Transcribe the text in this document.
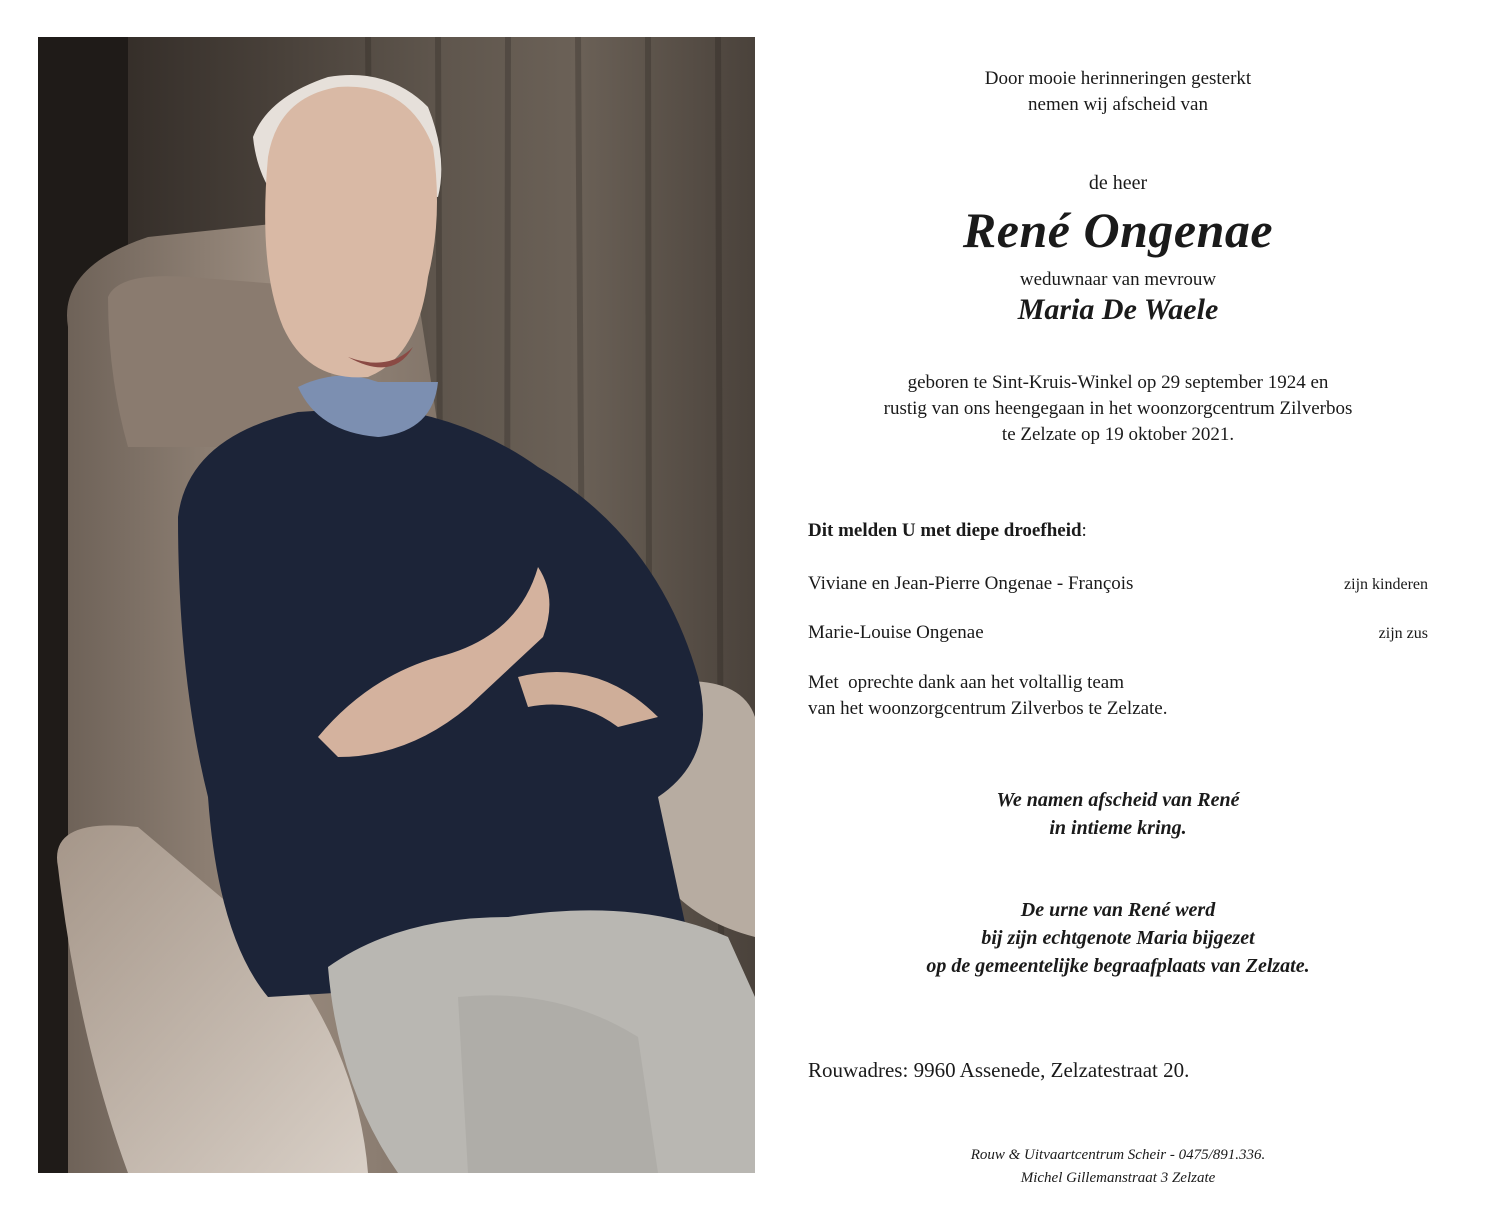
Door mooie herinneringen gesterkt
nemen wij afscheid van
de heer
René Ongenae
weduwnaar van mevrouw
Maria De Waele
geboren te Sint-Kruis-Winkel op 29 september 1924 en
rustig van ons heengegaan in het woonzorgcentrum Zilverbos
te Zelzate op 19 oktober 2021.
Dit melden U met diepe droefheid:
Viviane en Jean-Pierre Ongenae - François	zijn kinderen
Marie-Louise Ongenae	zijn zus
Met  oprechte dank aan het voltallig team
van het woonzorgcentrum Zilverbos te Zelzate.
We namen afscheid van René
in intieme kring.
De urne van René werd
bij zijn echtgenote Maria bijgezet
op de gemeentelijke begraafplaats van Zelzate.
Rouwadres: 9960 Assenede, Zelzatestraat 20.
Rouw & Uitvaartcentrum Scheir - 0475/891.336.
Michel Gillemanstraat 3 Zelzate
